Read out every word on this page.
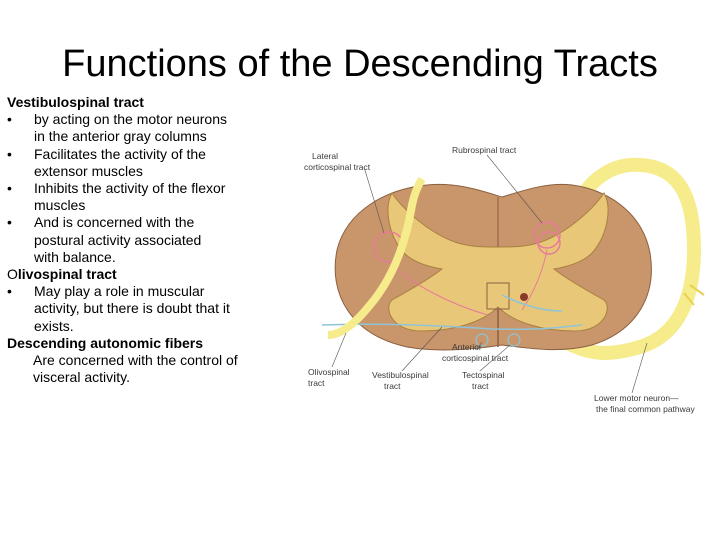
Functions of the Descending Tracts
Vestibulospinal tract
•	by acting on the motor neurons
in the anterior gray columns
•	Facilitates the activity of the
extensor muscles
•	Inhibits the activity of the flexor
muscles
•	And is concerned with the
postural activity associated
with balance.
Olivospinal tract
•	May play a role in muscular
activity, but there is doubt that it
exists.
Descending autonomic fibers
Are concerned with the control of
visceral activity.
Lateral
corticospinal tract
Rubrospinal tract
Olivospinal
tract
Vestibulospinal
tract
Anterior
corticospinal tract
Tectospinal
tract
Lower motor neuron—
the final common pathway
